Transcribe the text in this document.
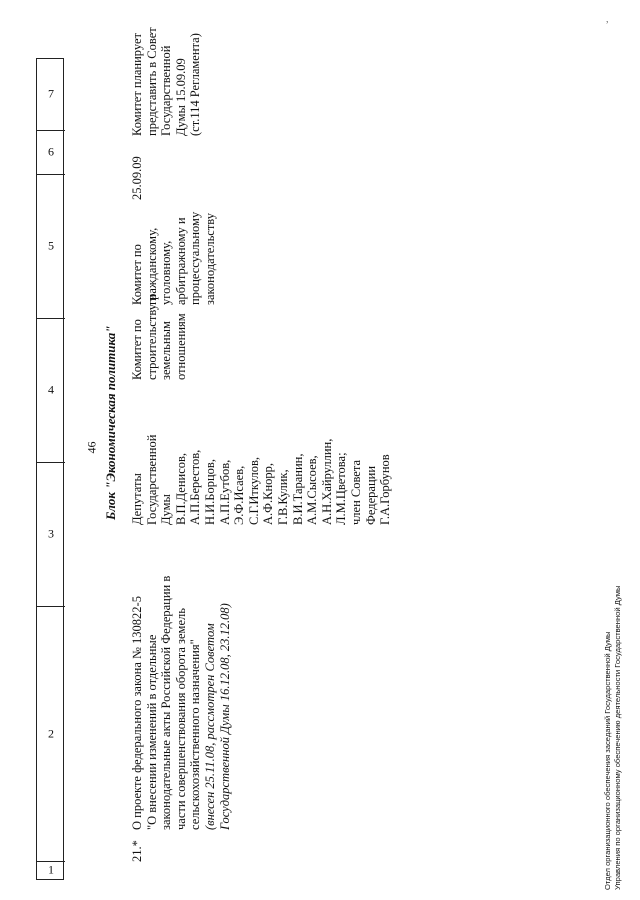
46
,
1
2
3
4
5
6
7
Блок "Экономическая политика"
21.*
О проекте федерального закона № 130822-5 "О внесении изменений в отдельные законодательные акты Российской Федерации в части совершенствования оборота земель сельскохозяйственного назначения" (внесен 25.11.08, рассмотрен Советом Государственной Думы 16.12.08, 23.12.08)
Депутаты Государственной Думы В.П.Денисов, А.П.Берестов, Н.И.Борцов, А.П.Еутбов, Э.Ф.Исаев, С.Г.Иткулов, А.Ф.Кнорр, Г.В.Кулик, В.И.Таранин, А.М.Сысоев, А.Н.Хайруллин, Л.М.Цветова; член Совета Федерации Г.А.Горбунов
Комитет по строительству и земельным отношениям
Комитет по гражданскому, уголовному, арбитражному и процессуальному законодательству
25.09.09
Комитет планирует представить в Совет Государственной Думы 15.09.09 (ст.114 Регламента)
Отдел организационного обеспечения заседаний Государственной Думы Управления по организационному обеспечению деятельности Государственной Думы
